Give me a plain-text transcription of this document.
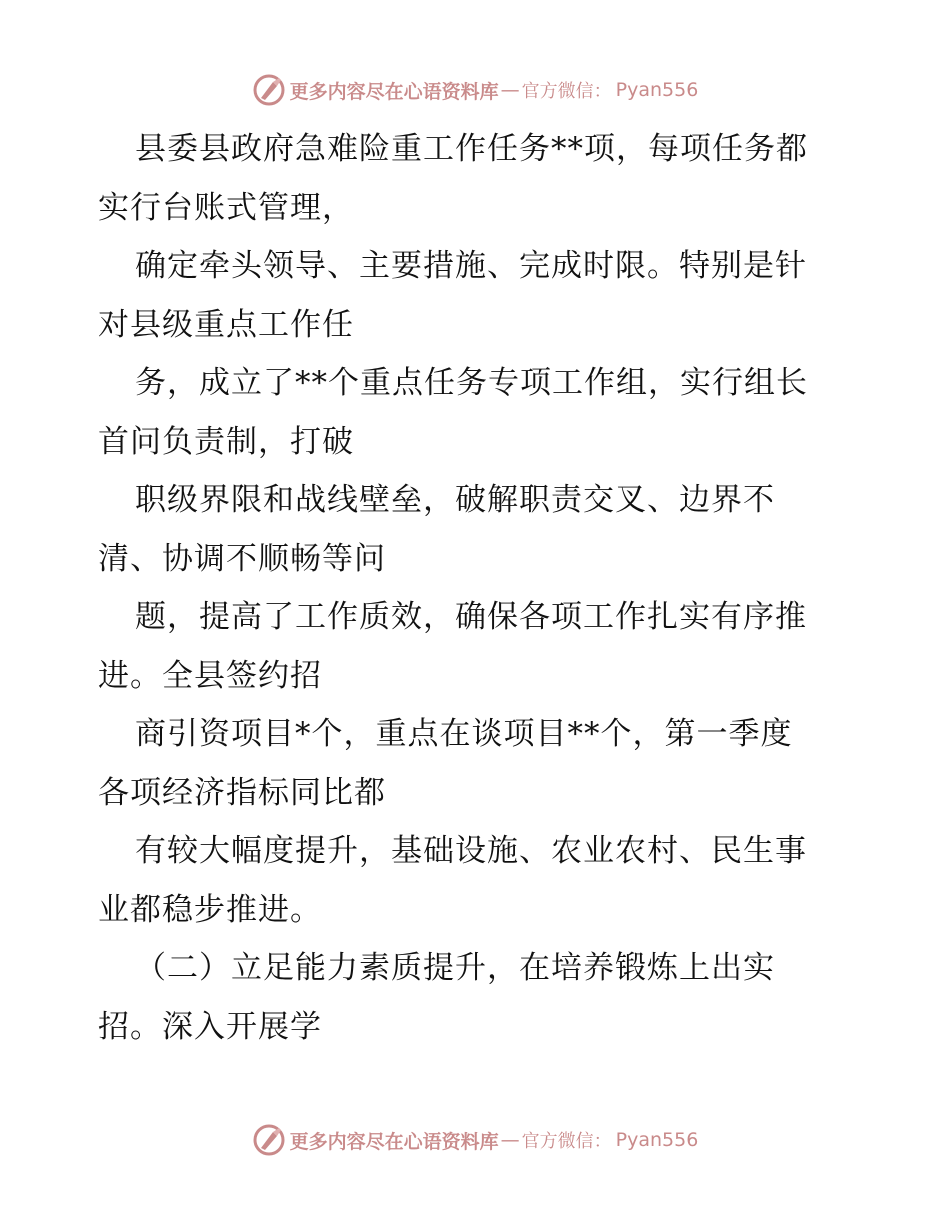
更多内容尽在心语资料库 — 官方微信： Pyan556
县委县政府急难险重工作任务**项，每项任务都
实行台账式管理，
确定牵头领导、主要措施、完成时限。特别是针
对县级重点工作任
务，成立了**个重点任务专项工作组，实行组长
首问负责制，打破
职级界限和战线壁垒，破解职责交叉、边界不
清、协调不顺畅等问
题，提高了工作质效，确保各项工作扎实有序推
进。全县签约招
商引资项目*个，重点在谈项目**个，第一季度
各项经济指标同比都
有较大幅度提升，基础设施、农业农村、民生事
业都稳步推进。
（二）立足能力素质提升，在培养锻炼上出实
招。深入开展学
更多内容尽在心语资料库 — 官方微信： Pyan556
